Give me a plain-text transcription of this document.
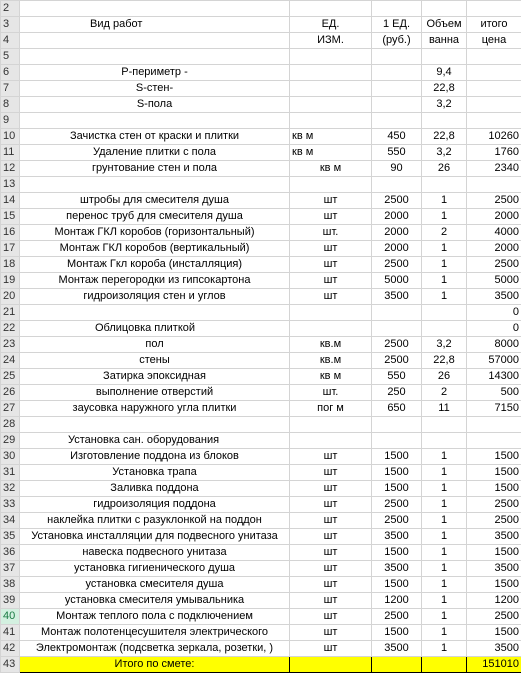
2					
3	Вид работ	ЕД.	1 ЕД.	Объем	итого
4		ИЗМ.	(руб.)	ванна	цена
5					
6	Р-периметр -			9,4	
7	S-стен-			22,8	
8	S-пола			3,2	
9					
10	Зачистка стен от краски и плитки	кв м	450	22,8	10260
11	Удаление плитки с пола	кв м	550	3,2	1760
12	грунтование стен и пола	кв м	90	26	2340
13					
14	штробы для смесителя душа	шт	2500	1	2500
15	перенос труб для смесителя душа	шт	2000	1	2000
16	Монтаж ГКЛ коробов (горизонтальный)	шт.	2000	2	4000
17	Монтаж ГКЛ коробов (вертикальный)	шт	2000	1	2000
18	Монтаж Гкл короба (инсталляция)	шт	2500	1	2500
19	Монтаж перегородки из гипсокартона	шт	5000	1	5000
20	гидроизоляция стен и углов	шт	3500	1	3500
21					0
22	Облицовка плиткой				0
23	пол	кв.м	2500	3,2	8000
24	стены	кв.м	2500	22,8	57000
25	Затирка эпоксидная	кв м	550	26	14300
26	выполнение отверстий	шт.	250	2	500
27	заусовка наружного угла плитки	пог м	650	11	7150
28					
29	Установка сан. оборудования				
30	Изготовление поддона из блоков	шт	1500	1	1500
31	Установка трапа	шт	1500	1	1500
32	Заливка поддона	шт	1500	1	1500
33	гидроизоляция поддона	шт	2500	1	2500
34	наклейка плитки с разуклонкой на поддон	шт	2500	1	2500
35	Установка инсталляции для подвесного унитаза	шт	3500	1	3500
36	навеска подвесного унитаза	шт	1500	1	1500
37	установка гигиенического душа	шт	3500	1	3500
38	установка смесителя душа	шт	1500	1	1500
39	установка смесителя умывальника	шт	1200	1	1200
40	Монтаж теплого пола с подключением	шт	2500	1	2500
41	Монтаж полотенцесушителя электрического	шт	1500	1	1500
42	Электромонтаж (подсветка зеркала, розетки, )	шт	3500	1	3500
43	Итого по смете:				151010
